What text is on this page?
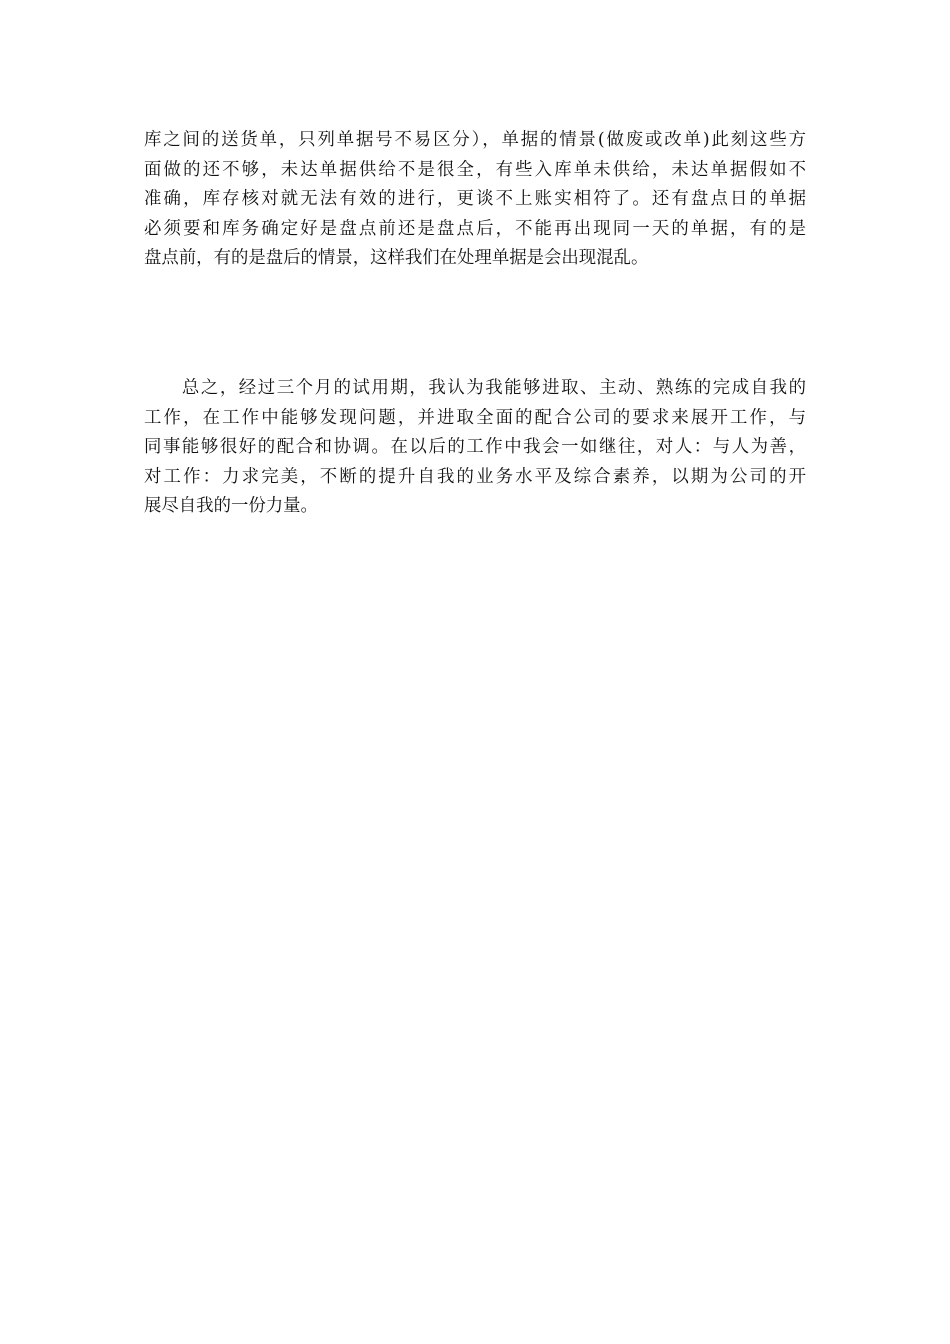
库之间的送货单，只列单据号不易区分），单据的情景(做废或改单)此刻这些方
面做的还不够，未达单据供给不是很全，有些入库单未供给，未达单据假如不
准确，库存核对就无法有效的进行，更谈不上账实相符了。还有盘点日的单据
必须要和库务确定好是盘点前还是盘点后，不能再出现同一天的单据，有的是
盘点前，有的是盘后的情景，这样我们在处理单据是会出现混乱。
　　总之，经过三个月的试用期，我认为我能够进取、主动、熟练的完成自我的
工作，在工作中能够发现问题，并进取全面的配合公司的要求来展开工作，与
同事能够很好的配合和协调。在以后的工作中我会一如继往，对人：与人为善，
对工作：力求完美，不断的提升自我的业务水平及综合素养，以期为公司的开
展尽自我的一份力量。
